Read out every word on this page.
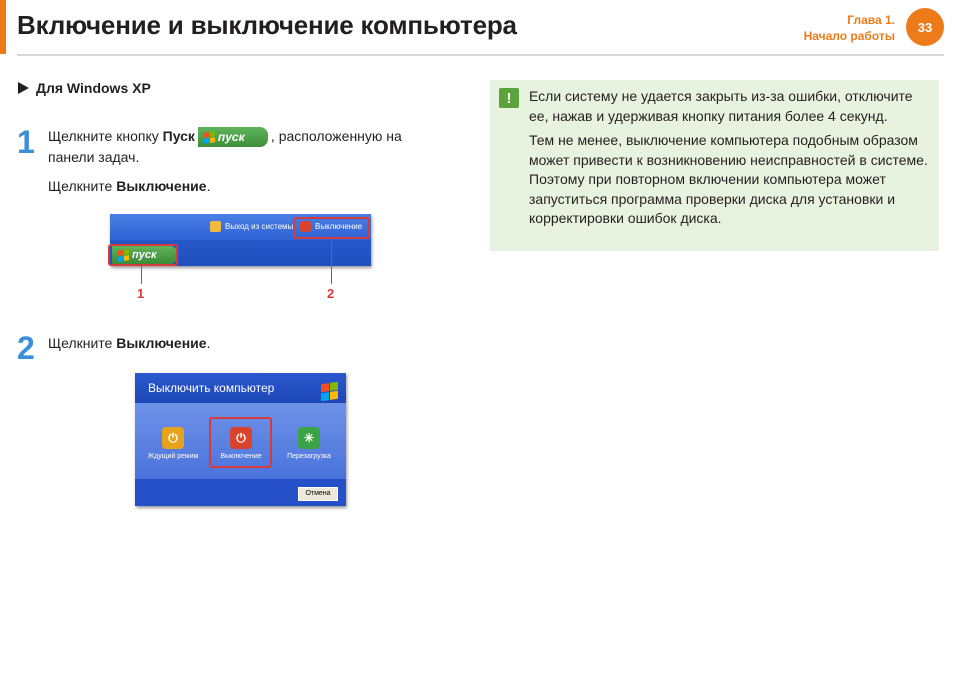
Включение и выключение компьютера	Глава 1.
Начало работы
33
Для Windows XP
1 Щелкните кнопку Пуск пуск , расположенную на панели задач.
Щелкните Выключение.
Выход из системы	Выключение
пуск
1	2
2 Щелкните Выключение.
Выключить компьютер
⏻
Ждущий режим
⏻
Выключение
✳
Перезагрузка
Отмена
!	Если систему не удается закрыть из-за ошибки, отключите ее, нажав и удерживая кнопку питания более 4 секунд.

Тем не менее, выключение компьютера подобным образом может привести к возникновению неисправностей в системе. Поэтому при повторном включении компьютера может запуститься программа проверки диска для установки и корректировки ошибок диска.
